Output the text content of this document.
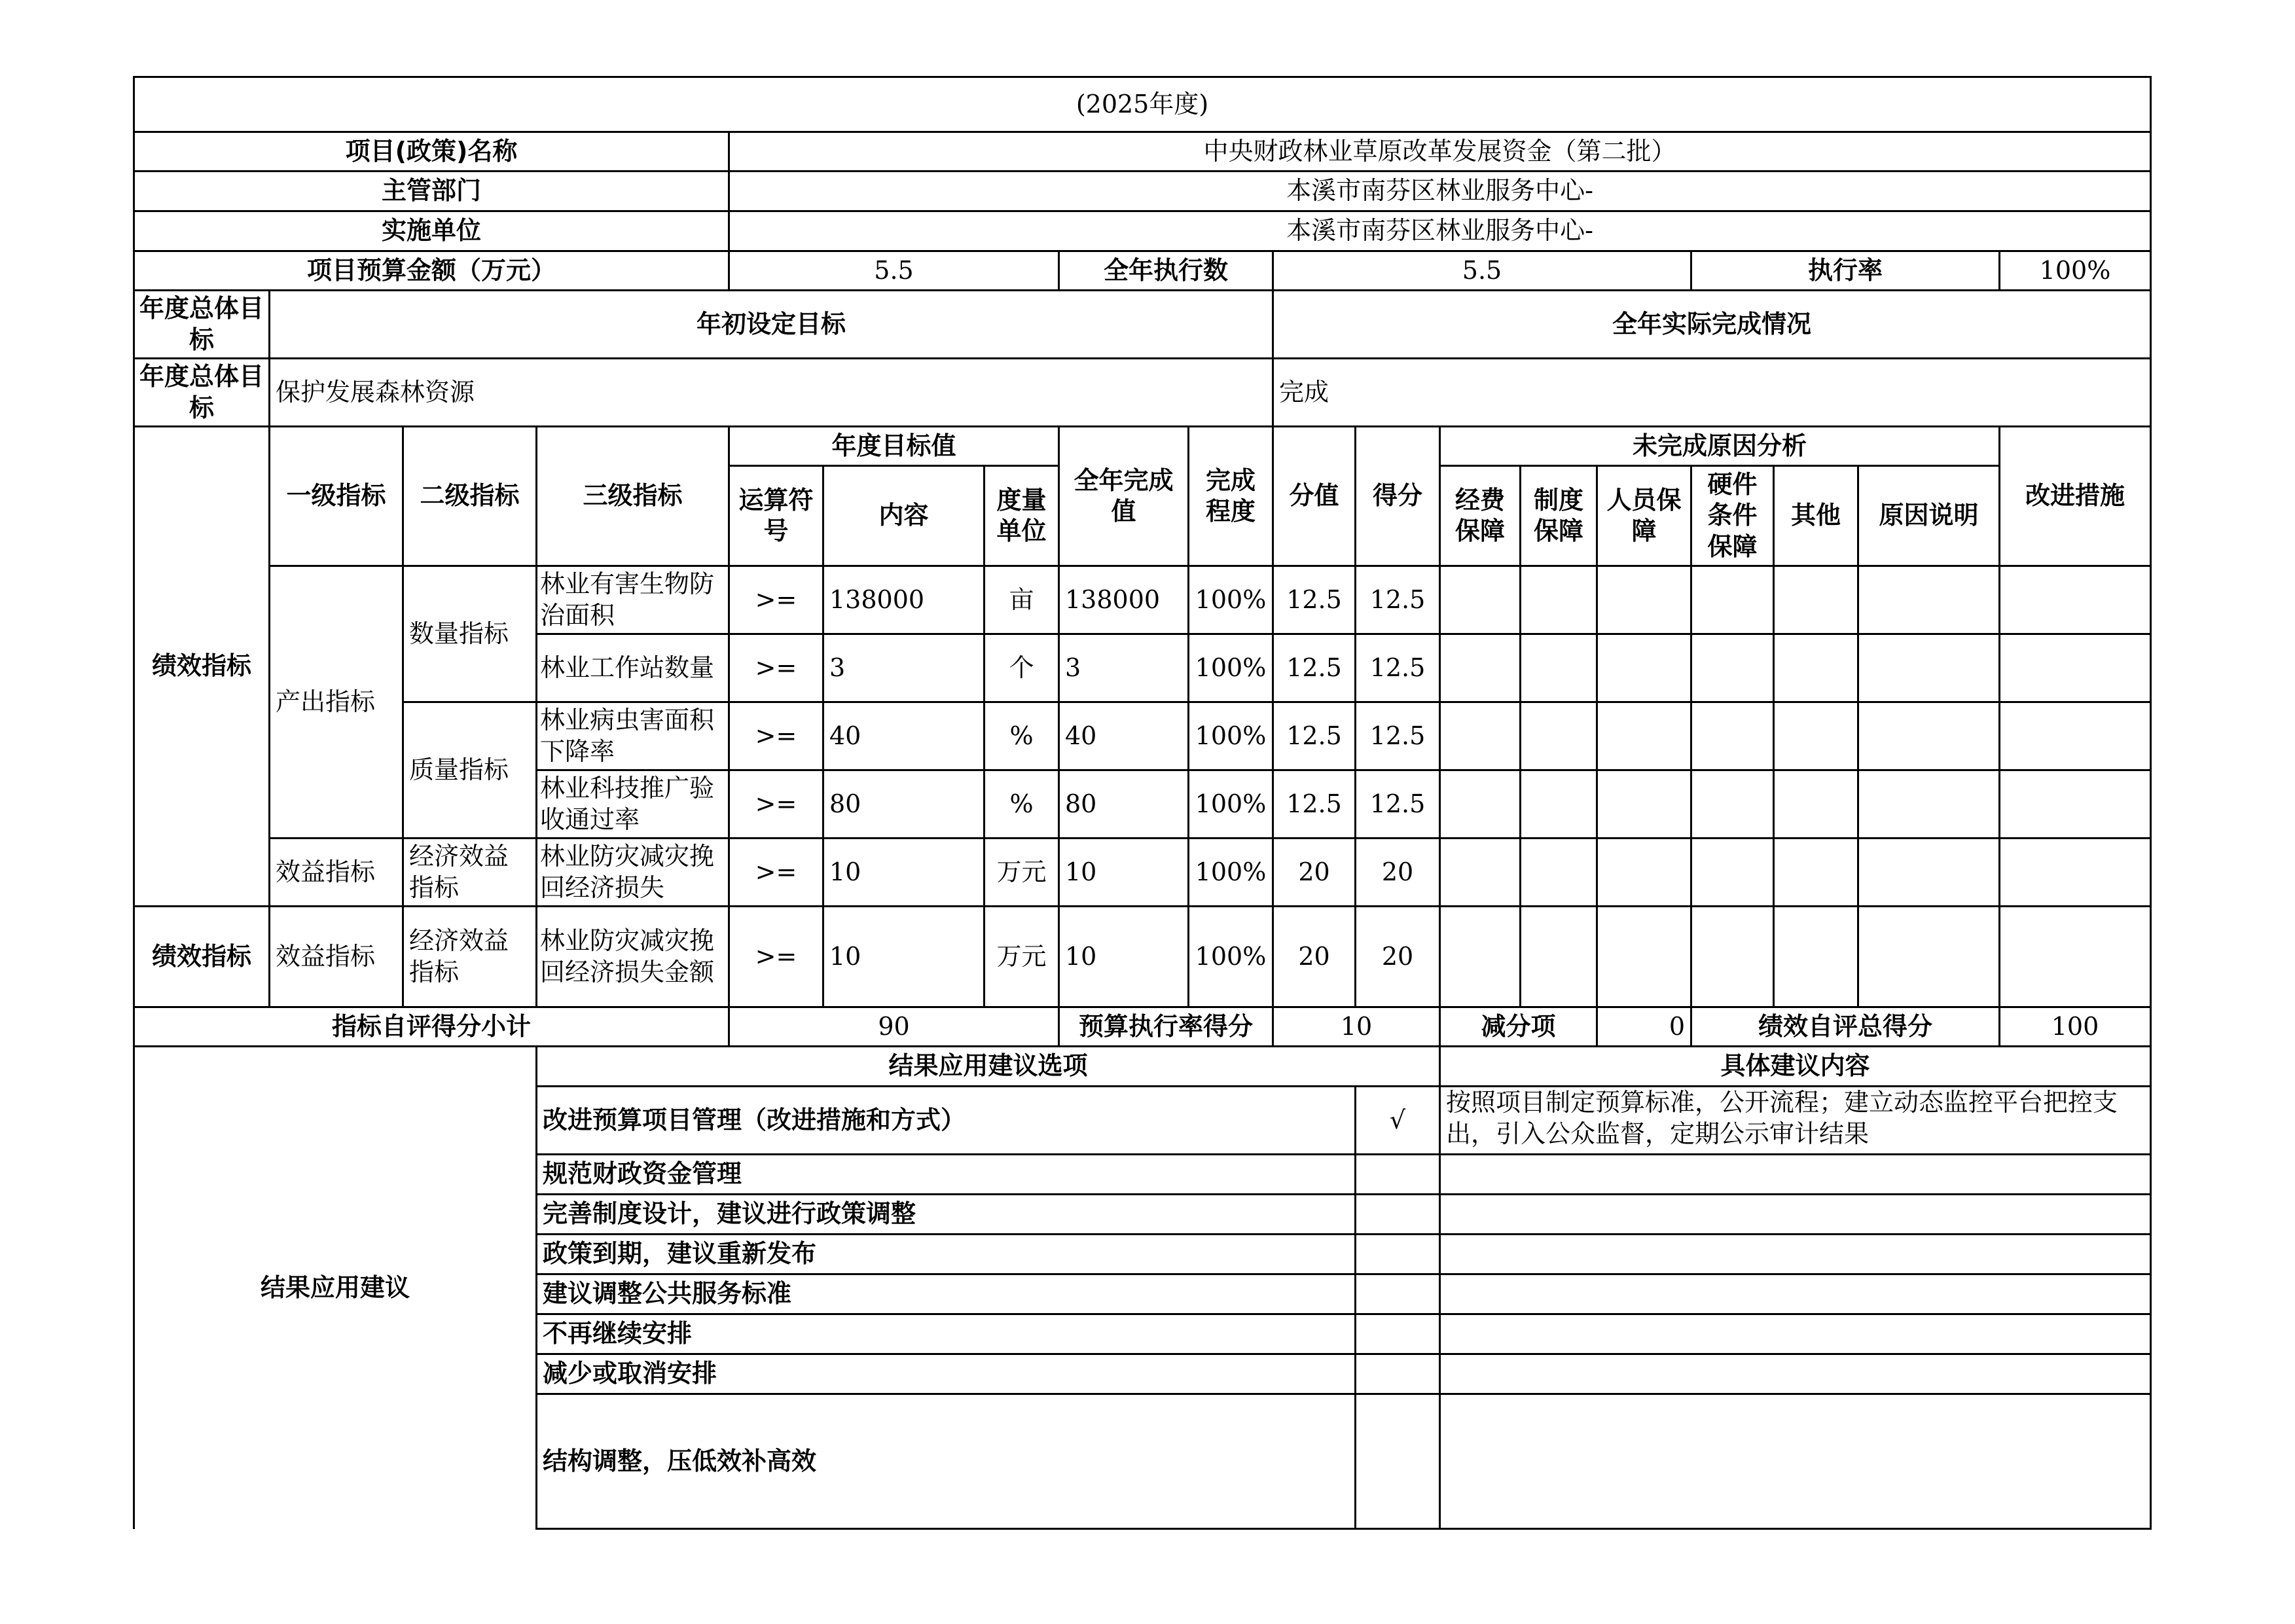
(2025年度)																	
项目(政策)名称				中央财政林业草原改革发展资金（第二批）													
主管部门				本溪市南芬区林业服务中心-													
实施单位				本溪市南芬区林业服务中心-													
项目预算金额（万元）				5.5			全年执行数		5.5					执行率			100%
年度总体目标	年初设定目标								全年实际完成情况								
年度总体目标	保护发展森林资源								完成								
绩效指标	一级指标	二级指标	三级指标	年度目标值			全年完成值	完成程度	分值	得分	未完成原因分析						改进措施
				运算符号	内容	度量单位					经费保障	制度保障	人员保障	硬件条件保障	其他	原因说明	
	产出指标	数量指标	林业有害生物防治面积	>=	138000	亩	138000	100%	12.5	12.5							
			林业工作站数量	>=	3	个	3	100%	12.5	12.5							
		质量指标	林业病虫害面积下降率	>=	40	%	40	100%	12.5	12.5							
			林业科技推广验收通过率	>=	80	%	80	100%	12.5	12.5							
	效益指标	经济效益指标	林业防灾减灾挽回经济损失	>=	10	万元	10	100%	20	20							
绩效指标	效益指标	经济效益指标	林业防灾减灾挽回经济损失金额	>=	10	万元	10	100%	20	20							
指标自评得分小计				90			预算执行率得分		10		减分项		0	绩效自评总得分			100
结果应用建议			结果应用建议选项								具体建议内容						
			改进预算项目管理（改进措施和方式）							√	按照项目制定预算标准，公开流程；建立动态监控平台把控支出，引入公众监督，定期公示审计结果						
			规范财政资金管理														
			完善制度设计，建议进行政策调整														
			政策到期，建议重新发布														
			建议调整公共服务标准														
			不再继续安排														
			减少或取消安排														
			结构调整，压低效补高效														
